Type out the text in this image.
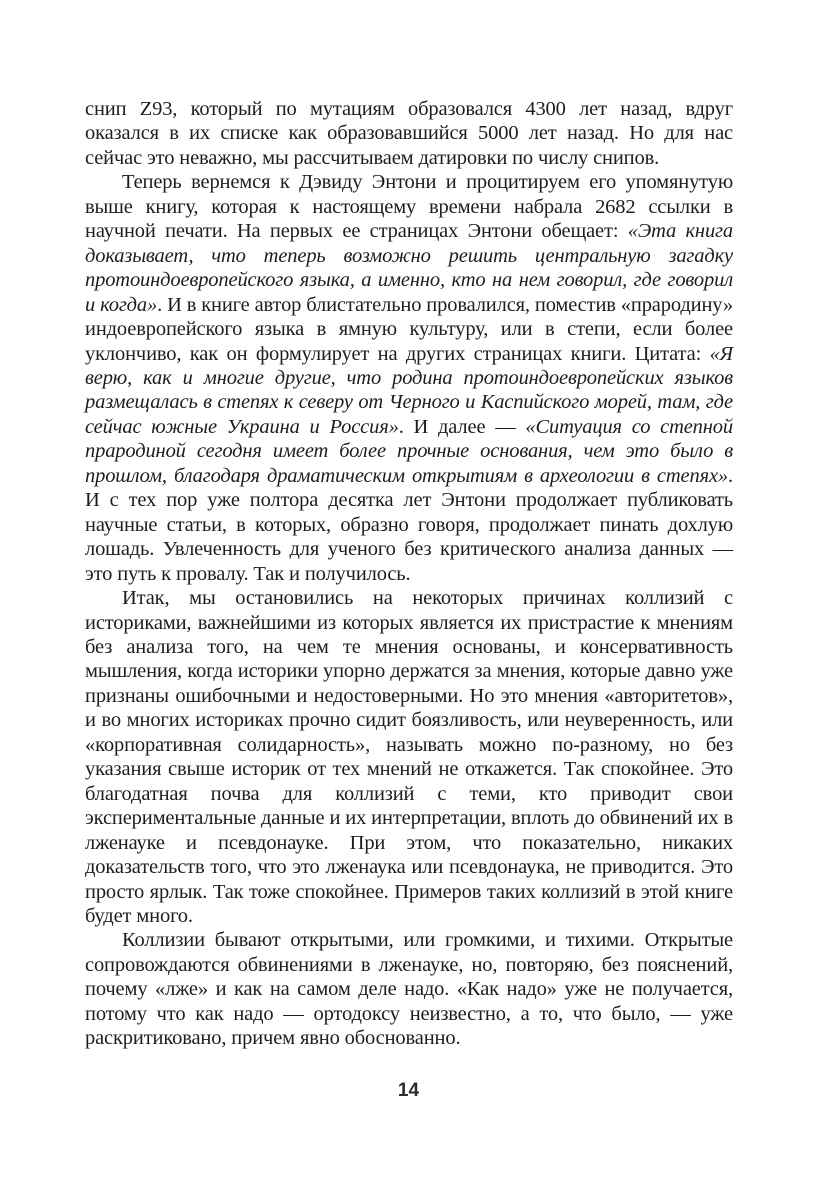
снип Z93, который по мутациям образовался 4300 лет назад, вдруг оказался в их списке как образовавшийся 5000 лет назад. Но для нас сейчас это неважно, мы рассчитываем датировки по числу снипов.

Теперь вернемся к Дэвиду Энтони и процитируем его упомянутую выше книгу, которая к настоящему времени набрала 2682 ссылки в научной печати. На первых ее страницах Энтони обещает: «Эта книга доказывает, что теперь возможно решить центральную загадку протоиндоевропейского языка, а именно, кто на нем говорил, где говорил и когда». И в книге автор блистательно провалился, поместив «прародину» индоевропейского языка в ямную культуру, или в степи, если более уклончиво, как он формулирует на других страницах книги. Цитата: «Я верю, как и многие другие, что родина протоиндоевропейских языков размещалась в степях к северу от Черного и Каспийского морей, там, где сейчас южные Украина и Россия». И далее — «Ситуация со степной прародиной сегодня имеет более прочные основания, чем это было в прошлом, благодаря драматическим открытиям в археологии в степях». И с тех пор уже полтора десятка лет Энтони продолжает публиковать научные статьи, в которых, образно говоря, продолжает пинать дохлую лошадь. Увлеченность для ученого без критического анализа данных — это путь к провалу. Так и получилось.

Итак, мы остановились на некоторых причинах коллизий с историками, важнейшими из которых является их пристрастие к мнениям без анализа того, на чем те мнения основаны, и консервативность мышления, когда историки упорно держатся за мнения, которые давно уже признаны ошибочными и недостоверными. Но это мнения «авторитетов», и во многих историках прочно сидит боязливость, или неуверенность, или «корпоративная солидарность», называть можно по-разному, но без указания свыше историк от тех мнений не откажется. Так спокойнее. Это благодатная почва для коллизий с теми, кто приводит свои экспериментальные данные и их интерпретации, вплоть до обвинений их в лженауке и псевдонауке. При этом, что показательно, никаких доказательств того, что это лженаука или псевдонаука, не приводится. Это просто ярлык. Так тоже спокойнее. Примеров таких коллизий в этой книге будет много.

Коллизии бывают открытыми, или громкими, и тихими. Открытые сопровождаются обвинениями в лженауке, но, повторяю, без пояснений, почему «лже» и как на самом деле надо. «Как надо» уже не получается, потому что как надо — ортодоксу неизвестно, а то, что было, — уже раскритиковано, причем явно обоснованно.

14
